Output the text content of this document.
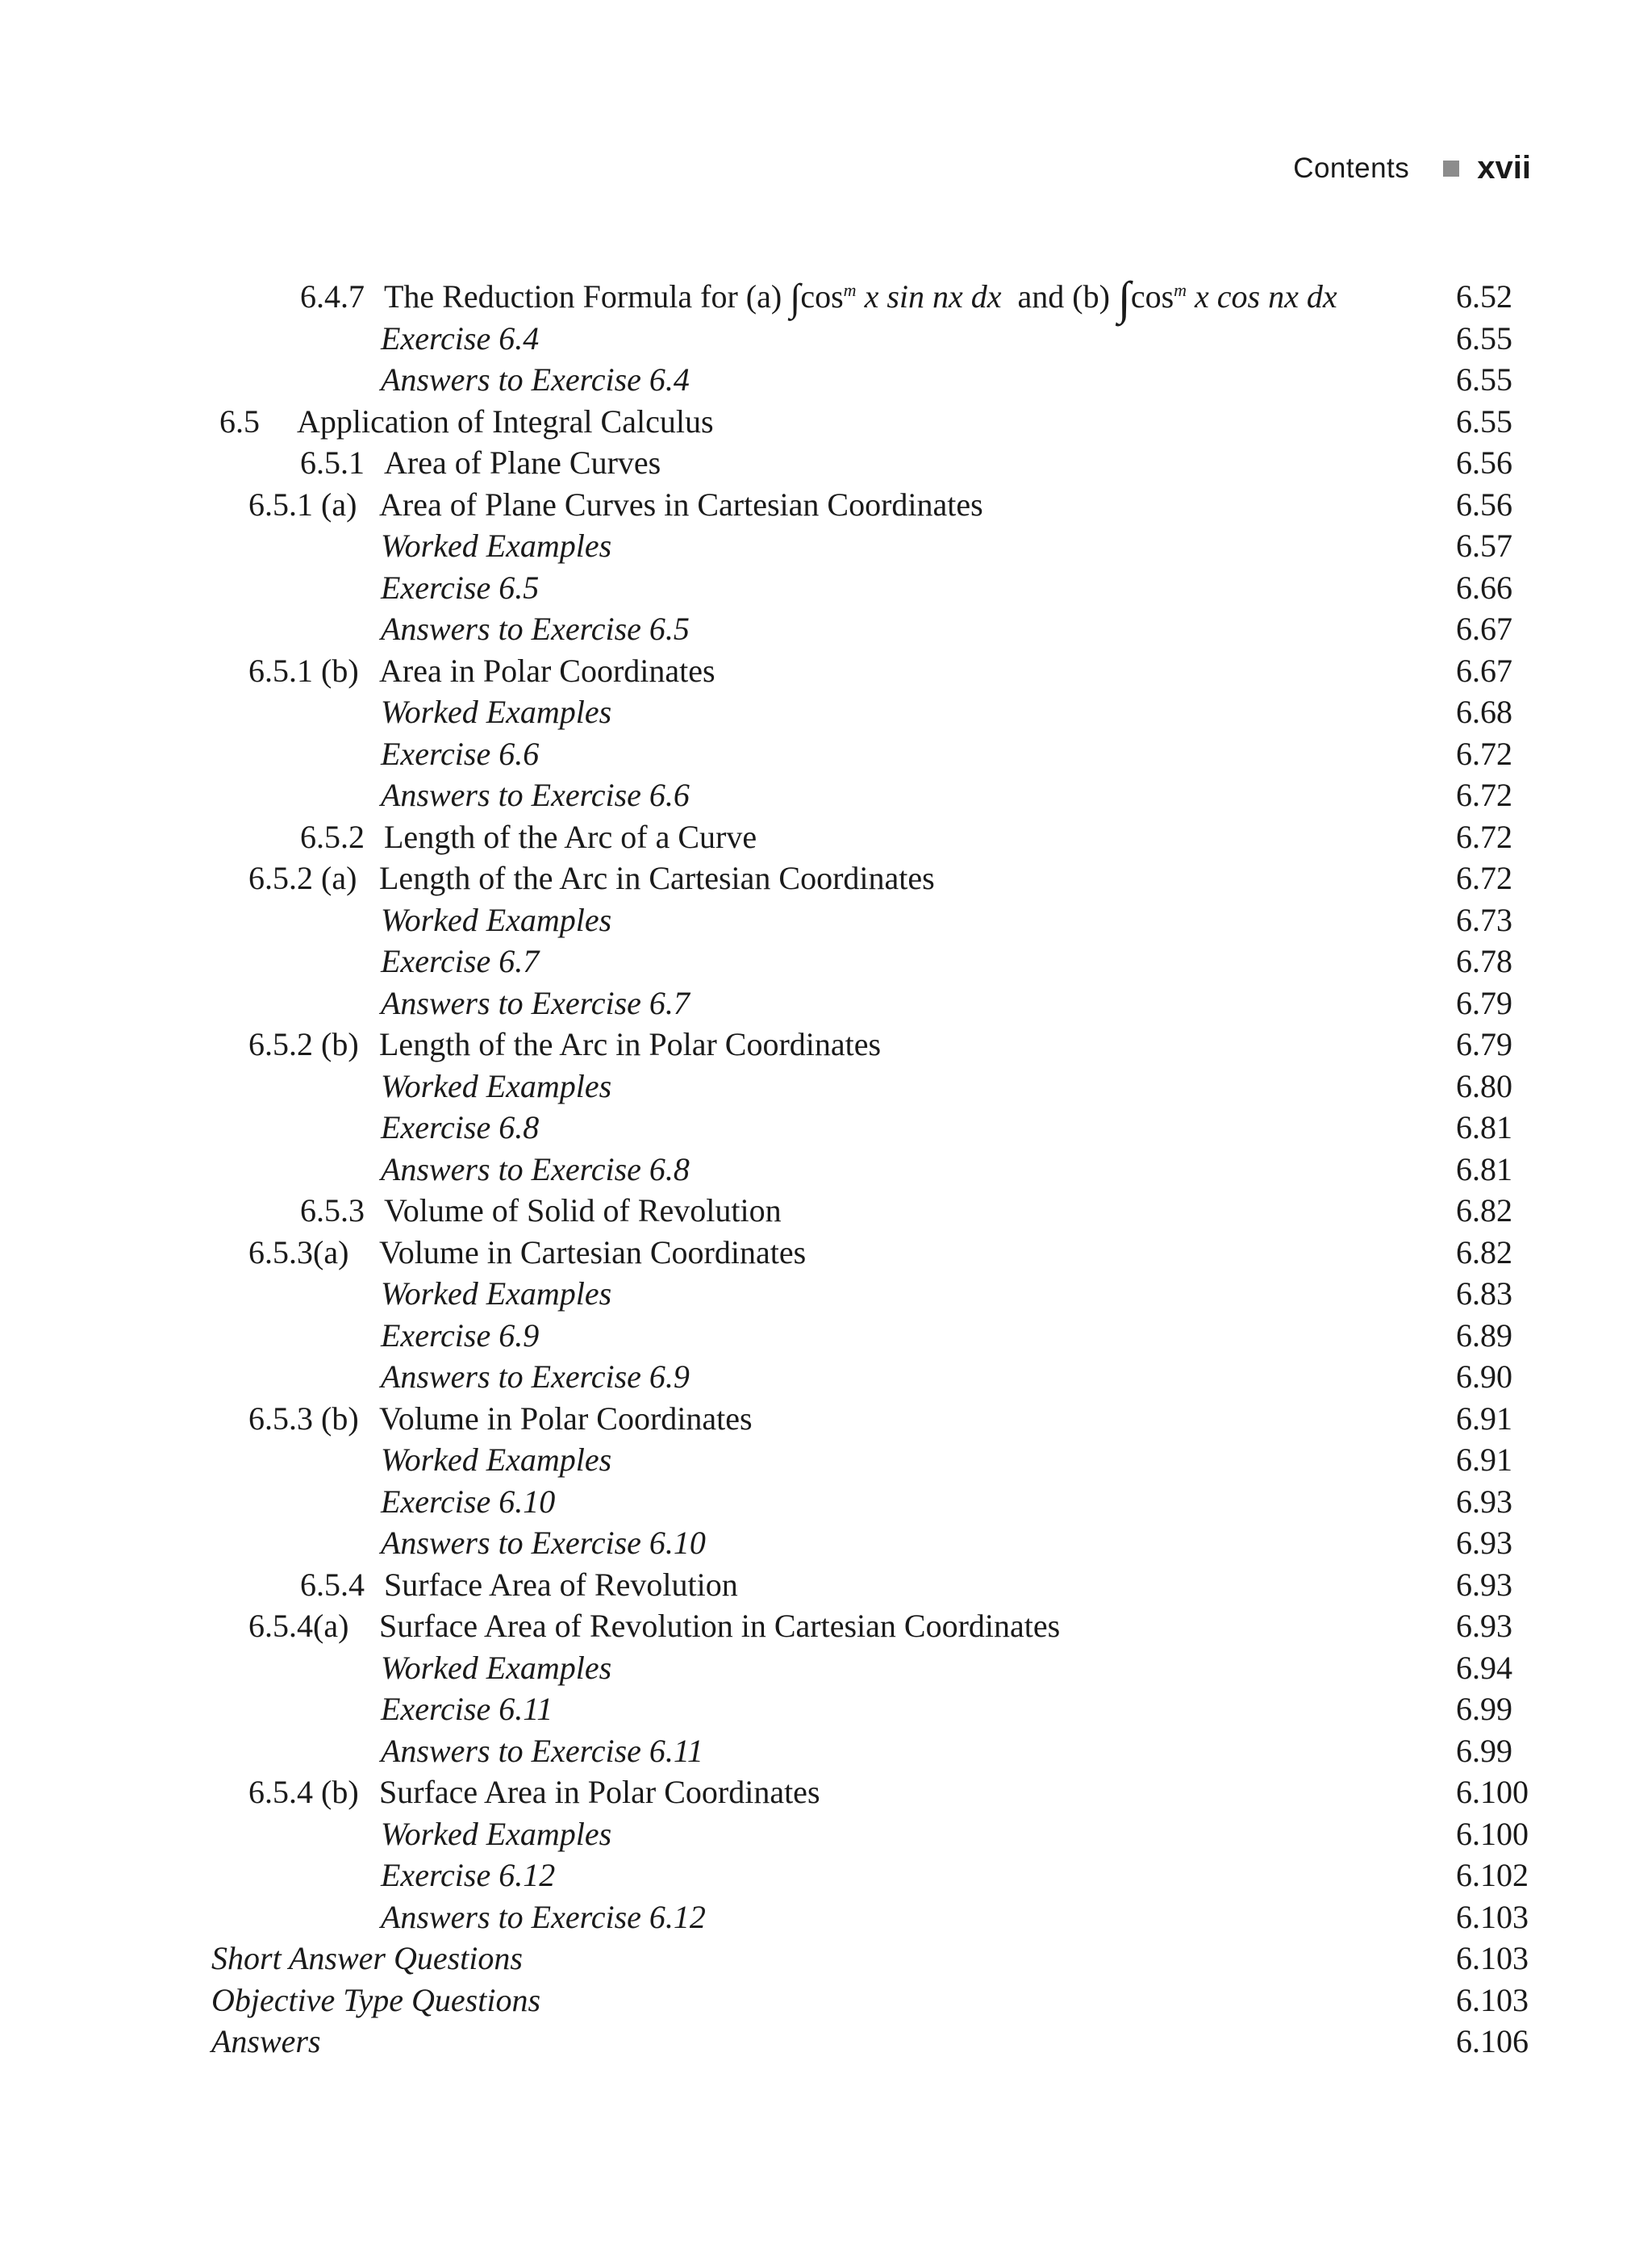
Contents xvii
6.4.7 The Reduction Formula for (a) $\int\cos^m$ x sin nx dx and (b) $\int\cos^m$ x cos nx dx	6.52
Exercise 6.4	6.55
Answers to Exercise 6.4	6.55
6.5 Application of Integral Calculus	6.55
6.5.1 Area of Plane Curves	6.56
6.5.1 (a) Area of Plane Curves in Cartesian Coordinates	6.56
Worked Examples	6.57
Exercise 6.5	6.66
Answers to Exercise 6.5	6.67
6.5.1 (b) Area in Polar Coordinates	6.67
Worked Examples	6.68
Exercise 6.6	6.72
Answers to Exercise 6.6	6.72
6.5.2 Length of the Arc of a Curve	6.72
6.5.2 (a) Length of the Arc in Cartesian Coordinates	6.72
Worked Examples	6.73
Exercise 6.7	6.78
Answers to Exercise 6.7	6.79
6.5.2 (b) Length of the Arc in Polar Coordinates	6.79
Worked Examples	6.80
Exercise 6.8	6.81
Answers to Exercise 6.8	6.81
6.5.3 Volume of Solid of Revolution	6.82
6.5.3(a) Volume in Cartesian Coordinates	6.82
Worked Examples	6.83
Exercise 6.9	6.89
Answers to Exercise 6.9	6.90
6.5.3 (b) Volume in Polar Coordinates	6.91
Worked Examples	6.91
Exercise 6.10	6.93
Answers to Exercise 6.10	6.93
6.5.4 Surface Area of Revolution	6.93
6.5.4(a) Surface Area of Revolution in Cartesian Coordinates	6.93
Worked Examples	6.94
Exercise 6.11	6.99
Answers to Exercise 6.11	6.99
6.5.4 (b) Surface Area in Polar Coordinates	6.100
Worked Examples	6.100
Exercise 6.12	6.102
Answers to Exercise 6.12	6.103
Short Answer Questions	6.103
Objective Type Questions	6.103
Answers	6.106
